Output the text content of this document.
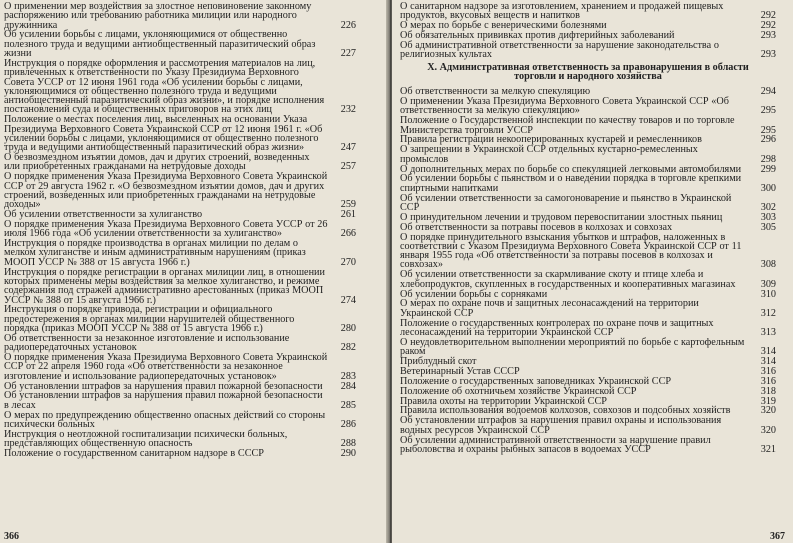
О применении мер воздействия за злостное неповиновение законному распоряжению или требованию работника милиции или народного дружинника	226
Об усилении борьбы с лицами, уклоняющимися от общественно полезного труда и ведущими антиобщественный паразитический образ жизни	227
Инструкция о порядке оформления и рассмотрения материалов на лиц, привлеченных к ответственности по Указу Президиума Верховного Совета УССР от 12 июня 1961 года «Об усилении борьбы с лицами, уклоняющимися от общественно полезного труда и ведущими антиобщественный паразитический образ жизни», и порядке исполнения постановлений суда и общественных приговоров на этих лиц	232
Положение о местах поселения лиц, выселенных на основании Указа Президиума Верховного Совета Украинской ССР от 12 июня 1961 г. «Об усилении борьбы с лицами, уклоняющимися от общественно полезного труда и ведущими антиобщественный паразитический образ жизни»	247
О безвозмездном изъятии домов, дач и других строений, возведенных или приобретенных гражданами на нетрудовые доходы	257
О порядке применения Указа Президиума Верховного Совета Украинской ССР от 29 августа 1962 г. «О безвозмездном изъятии домов, дач и других строений, возведенных или приобретенных гражданами на нетрудовые доходы»	259
Об усилении ответственности за хулиганство	261
О порядке применения Указа Президиума Верховного Совета УССР от 26 июля 1966 года «Об усилении ответственности за хулиганство»	266
Инструкция о порядке производства в органах милиции по делам о мелком хулиганстве и иным административным нарушениям (приказ МООП УССР № 388 от 15 августа 1966 г.)	270
Инструкция о порядке регистрации в органах милиции лиц, в отношении которых применены меры воздействия за мелкое хулиганство, и режиме содержания под стражей административно арестованных (приказ МООП УССР № 388 от 15 августа 1966 г.)	274
Инструкция о порядке привода, регистрации и официального предостережения в органах милиции нарушителей общественного порядка (приказ МООП УССР № 388 от 15 августа 1966 г.)	280
Об ответственности за незаконное изготовление и использование радиопередаточных установок	282
О порядке применения Указа Президиума Верховного Совета Украинской ССР от 22 апреля 1960 года «Об ответственности за незаконное изготовление и использование радиопередаточных установок»	283
Об установлении штрафов за нарушения правил пожарной безопасности 284
Об установлении штрафов за нарушения правил пожарной безопасности в лесах	285
О мерах по предупреждению общественно опасных действий со стороны психически больных	286
Инструкция о неотложной госпитализации психически больных, представляющих общественную опасность	288
Положение о государственном санитарном надзоре в СССР	290
366
О санитарном надзоре за изготовлением, хранением и продажей пищевых продуктов, вкусовых веществ и напитков	292
О мерах по борьбе с венерическими болезнями	292
Об обязательных прививках против дифтерийных заболеваний	293
Об административной ответственности за нарушение законодательства о религиозных культах	293
X. Административная ответственность за правонарушения в области торговли и народного хозяйства
Об ответственности за мелкую спекуляцию	294
О применении Указа Президиума Верховного Совета Украинской ССР «Об ответственности за мелкую спекуляцию»	295
Положение о Государственной инспекции по качеству товаров и по торговле Министерства торговли УССР	295
Правила регистрации некооперированных кустарей и ремесленников	296
О запрещении в Украинской ССР отдельных кустарно-ремесленных промыслов	298
О дополнительных мерах по борьбе со спекуляцией легковыми автомобилями 299
Об усилении борьбы с пьянством и о наведении порядка в торговле крепкими спиртными напитками	300
Об усилении ответственности за самогоноварение и пьянство в Украинской ССР	302
О принудительном лечении и трудовом перевоспитании злостных пьяниц	303
Об ответственности за потравы посевов в колхозах и совхозах	305
О порядке принудительного взыскания убытков и штрафов, наложенных в соответствии с Указом Президиума Верховного Совета Украинской ССР от 11 января 1955 года «Об ответственности за потравы посевов в колхозах и совхозах»	308
Об усилении ответственности за скармливание скоту и птице хлеба и хлебопродуктов, скупленных в государственных и кооперативных магазинах 309
Об усилении борьбы с сорняками	310
О мерах по охране почв и защитных лесонасаждений на территории Украинской ССР	312
Положение о государственных контролерах по охране почв и защитных лесонасаждений на территории Украинской ССР	313
О неудовлетворительном выполнении мероприятий по борьбе с картофельным раком	314
Приблудный скот	314
Ветеринарный Устав СССР	316
Положение о государственных заповедниках Украинской ССР	316
Положение об охотничьем хозяйстве Украинской ССР	318
Правила охоты на территории Украинской ССР	319
Правила использования водоемов колхозов, совхозов и подсобных хозяйств	320
Об установлении штрафов за нарушения правил охраны и использования водных ресурсов Украинской ССР	320
Об усилении административной ответственности за нарушение правил рыболовства и охраны рыбных запасов в водоемах УССР	321
367
